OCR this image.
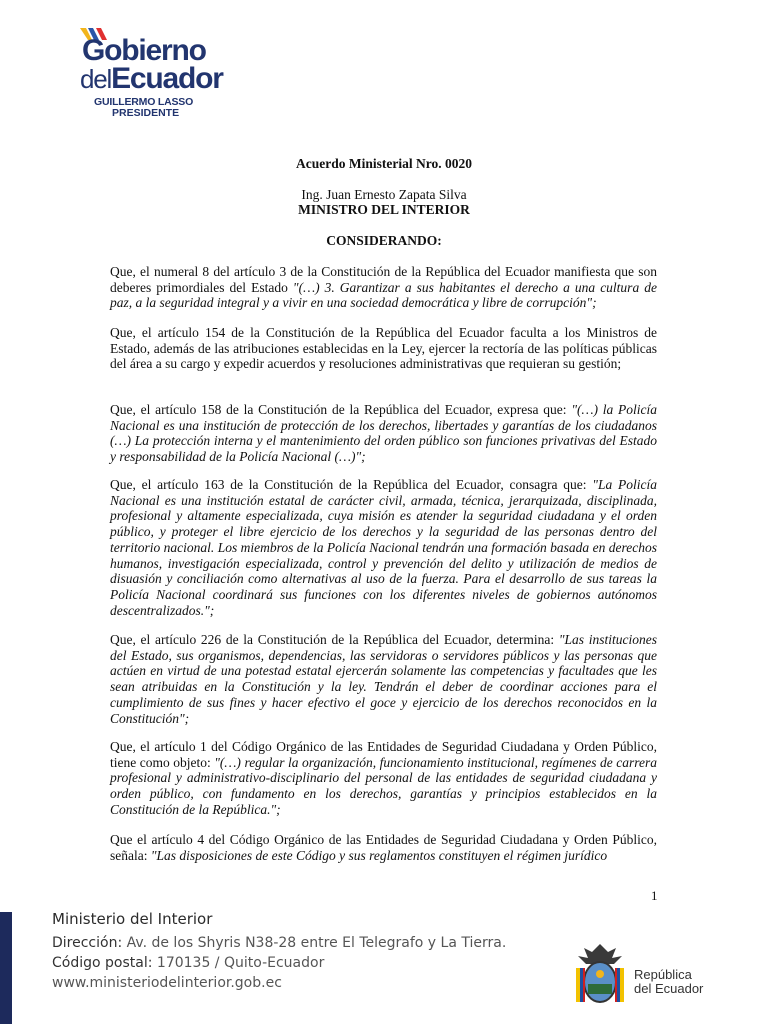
Gobierno
delEcuador
GUILLERMO LASSO
PRESIDENTE
Acuerdo Ministerial Nro. 0020
Ing. Juan Ernesto Zapata Silva
MINISTRO DEL INTERIOR
CONSIDERANDO:
Que, el numeral 8 del artículo 3 de la Constitución de la República del Ecuador manifiesta que son deberes primordiales del Estado "(…) 3. Garantizar a sus habitantes el derecho a una cultura de paz, a la seguridad integral y a vivir en una sociedad democrática y libre de corrupción";
Que, el artículo 154 de la Constitución de la República del Ecuador faculta a los Ministros de Estado, además de las atribuciones establecidas en la Ley, ejercer la rectoría de las políticas públicas del área a su cargo y expedir acuerdos y resoluciones administrativas que requieran su gestión;
Que, el artículo 158 de la Constitución de la República del Ecuador, expresa que: "(…) la Policía Nacional es una institución de protección de los derechos, libertades y garantías de los ciudadanos (…) La protección interna y el mantenimiento del orden público son funciones privativas del Estado y responsabilidad de la Policía Nacional (…)";
Que, el artículo 163 de la Constitución de la República del Ecuador, consagra que: "La Policía Nacional es una institución estatal de carácter civil, armada, técnica, jerarquizada, disciplinada, profesional y altamente especializada, cuya misión es atender la seguridad ciudadana y el orden público, y proteger el libre ejercicio de los derechos y la seguridad de las personas dentro del territorio nacional. Los miembros de la Policía Nacional tendrán una formación basada en derechos humanos, investigación especializada, control y prevención del delito y utilización de medios de disuasión y conciliación como alternativas al uso de la fuerza. Para el desarrollo de sus tareas la Policía Nacional coordinará sus funciones con los diferentes niveles de gobiernos autónomos descentralizados.";
Que, el artículo 226 de la Constitución de la República del Ecuador, determina: "Las instituciones del Estado, sus organismos, dependencias, las servidoras o servidores públicos y las personas que actúen en virtud de una potestad estatal ejercerán solamente las competencias y facultades que les sean atribuidas en la Constitución y la ley. Tendrán el deber de coordinar acciones para el cumplimiento de sus fines y hacer efectivo el goce y ejercicio de los derechos reconocidos en la Constitución";
Que, el artículo 1 del Código Orgánico de las Entidades de Seguridad Ciudadana y Orden Público, tiene como objeto: "(…) regular la organización, funcionamiento institucional, regímenes de carrera profesional y administrativo-disciplinario del personal de las entidades de seguridad ciudadana y orden público, con fundamento en los derechos, garantías y principios establecidos en la Constitución de la República.";
Que el artículo 4 del Código Orgánico de las Entidades de Seguridad Ciudadana y Orden Público, señala: "Las disposiciones de este Código y sus reglamentos constituyen el régimen jurídico
1
Ministerio del Interior
Dirección: Av. de los Shyris N38-28 entre El Telegrafo y La Tierra.
Código postal: 170135 / Quito-Ecuador
www.ministeriodelinterior.gob.ec
República
del Ecuador
